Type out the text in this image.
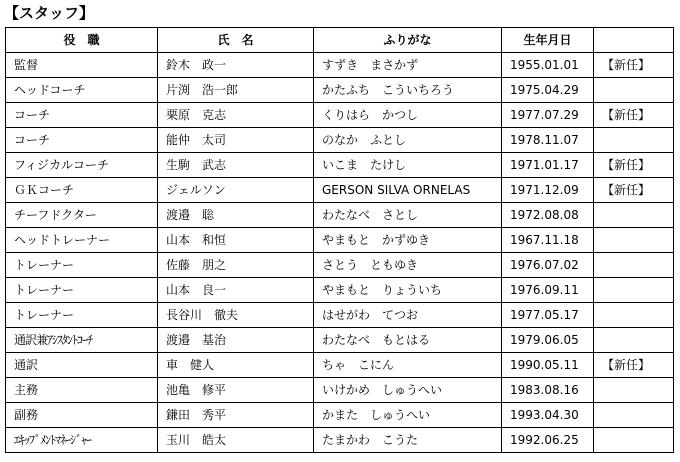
【スタッフ】
役　職	氏　名	ふりがな	生年月日	
監督	鈴木　政一	すずき　まさかず	1955.01.01	【新任】
ヘッドコーチ	片渕　浩一郎	かたふち　こういちろう	1975.04.29	
コーチ	栗原　克志	くりはら　かつし	1977.07.29	【新任】
コーチ	能仲　太司	のなか　ふとし	1978.11.07	
フィジカルコーチ	生駒　武志	いこま　たけし	1971.01.17	【新任】
ＧＫコーチ	ジェルソン	GERSON SILVA ORNELAS	1971.12.09	【新任】
チーフドクター	渡邉　聡	わたなべ　さとし	1972.08.08	
ヘッドトレーナー	山本　和恒	やまもと　かずゆき	1967.11.18	
トレーナー	佐藤　朋之	さとう　ともゆき	1976.07.02	
トレーナー	山本　良一	やまもと　りょういち	1976.09.11	
トレーナー	長谷川　徹夫	はせがわ　てつお	1977.05.17	
通訳兼ｱｼｽﾀﾝﾄｺｰﾁ	渡邉　基治	わたなべ　もとはる	1979.06.05	
通訳	車　健人	ちゃ　こにん	1990.05.11	【新任】
主務	池亀　修平	いけかめ　しゅうへい	1983.08.16	
副務	鎌田　秀平	かまた　しゅうへい	1993.04.30	
ｴｷｯﾌﾟﾒﾝﾄﾏﾈｰｼﾞｬｰ	玉川　皓太	たまかわ　こうた	1992.06.25	
